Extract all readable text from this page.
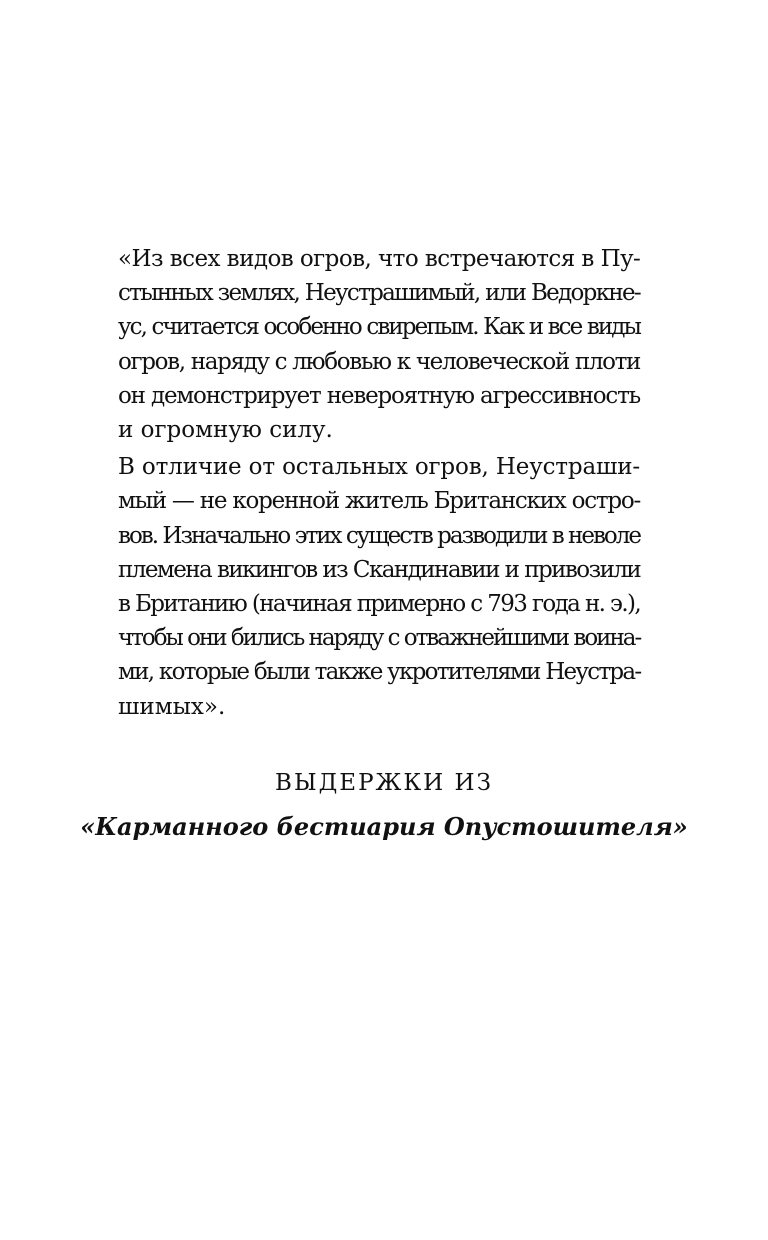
«Из всех видов огров, что встречаются в Пу-
стынных землях, Неустрашимый, или Ведоркне-
ус, считается особенно свирепым. Как и все виды
огров, наряду с любовью к человеческой плоти
он демонстрирует невероятную агрессивность
и огромную силу.
В отличие от остальных огров, Неустраши-
мый — не коренной житель Британских остро-
вов. Изначально этих существ разводили в неволе
племена викингов из Скандинавии и привозили
в Британию (начиная примерно с 793 года н. э.),
чтобы они бились наряду с отважнейшими воина-
ми, которые были также укротителями Неустра-
шимых».
ВЫДЕРЖКИ ИЗ
«Карманного бестиария Опустошителя»
